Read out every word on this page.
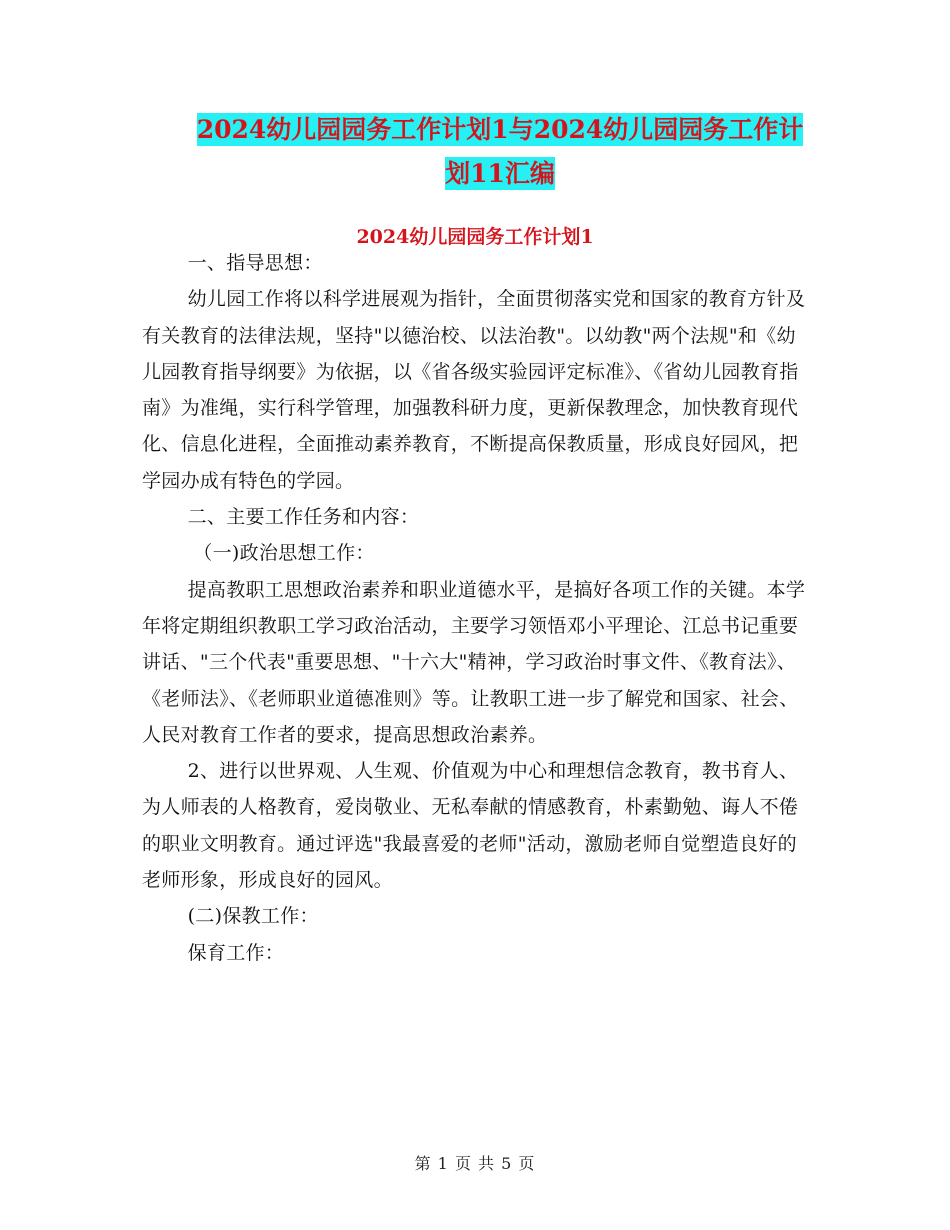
2024幼儿园园务工作计划1与2024幼儿园园务工作计
划11汇编
2024幼儿园园务工作计划1

一、指导思想：

幼儿园工作将以科学进展观为指针，全面贯彻落实党和国家的教育方针及有关教育的法律法规，坚持"以德治校、以法治教"。以幼教"两个法规"和《幼儿园教育指导纲要》为依据，以《省各级实验园评定标准》、《省幼儿园教育指南》为准绳，实行科学管理，加强教科研力度，更新保教理念，加快教育现代化、信息化进程，全面推动素养教育，不断提高保教质量，形成良好园风，把学园办成有特色的学园。

二、主要工作任务和内容：

（一)政治思想工作：

提高教职工思想政治素养和职业道德水平，是搞好各项工作的关键。本学年将定期组织教职工学习政治活动，主要学习领悟邓小平理论、江总书记重要讲话、"三个代表"重要思想、"十六大"精神，学习政治时事文件、《教育法》、《老师法》、《老师职业道德准则》等。让教职工进一步了解党和国家、社会、人民对教育工作者的要求，提高思想政治素养。

2、进行以世界观、人生观、价值观为中心和理想信念教育，教书育人、为人师表的人格教育，爱岗敬业、无私奉献的情感教育，朴素勤勉、诲人不倦的职业文明教育。通过评选"我最喜爱的老师"活动，激励老师自觉塑造良好的老师形象，形成良好的园风。

(二)保教工作：

保育工作：

第 1 页 共 5 页
